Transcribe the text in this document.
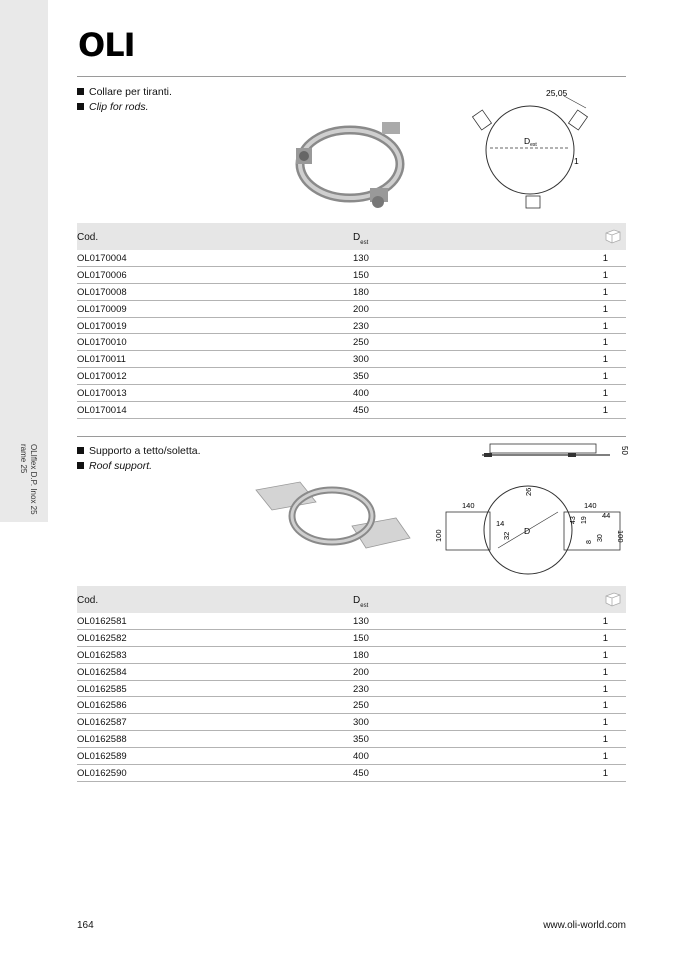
OLIflex D.P. Inox 25
rame 25
OLI
Collare per tiranti.
Clip for rods.
25,05
$D_{est}$
1
Cod.	$D_{est}$
OL0170004	130	1
OL0170006	150	1
OL0170008	180	1
OL0170009	200	1
OL0170019	230	1
OL0170010	250	1
OL0170011	300	1
OL0170012	350	1
OL0170013	400	1
OL0170014	450	1
Supporto a tetto/soletta.
Roof support.
50
140	140
26
100	100
14
32 D
43 19
44
8
30
Cod.	$D_{est}$
OL0162581	130	1
OL0162582	150	1
OL0162583	180	1
OL0162584	200	1
OL0162585	230	1
OL0162586	250	1
OL0162587	300	1
OL0162588	350	1
OL0162589	400	1
OL0162590	450	1
164	www.oli-world.com
